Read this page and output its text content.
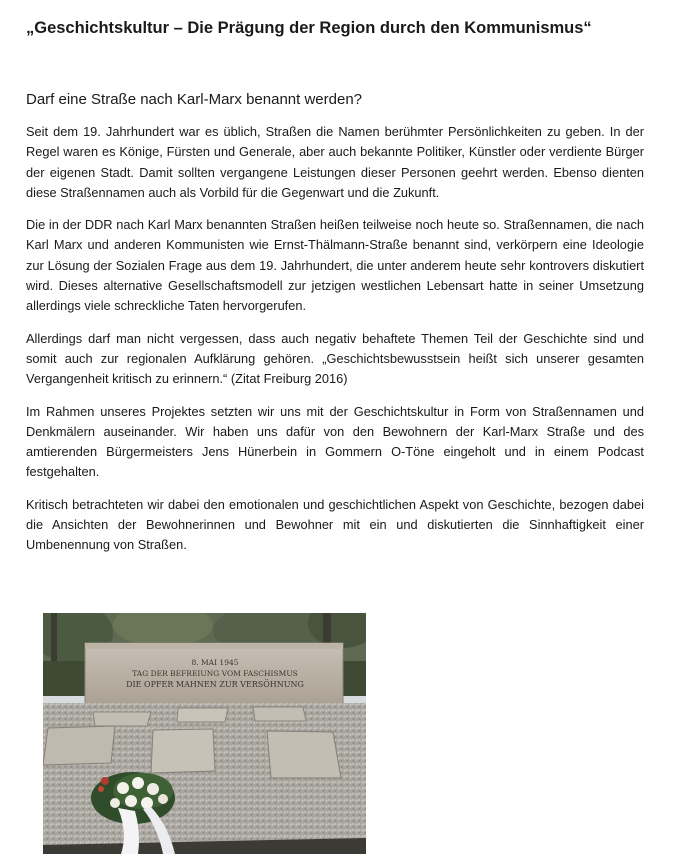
„Geschichtskultur – Die Prägung der Region durch den Kommunismus“
Darf eine Straße nach Karl-Marx benannt werden?

Seit dem 19. Jahrhundert war es üblich, Straßen die Namen berühmter Persönlichkeiten zu geben. In der Regel waren es Könige, Fürsten und Generale, aber auch bekannte Politiker, Künstler oder verdiente Bürger der eigenen Stadt. Damit sollten vergangene Leistungen dieser Personen geehrt werden. Ebenso dienten diese Straßennamen auch als Vorbild für die Gegenwart und die Zukunft.

Die in der DDR nach Karl Marx benannten Straßen heißen teilweise noch heute so. Straßennamen, die nach Karl Marx und anderen Kommunisten wie Ernst-Thälmann-Straße benannt sind, verkörpern eine Ideologie zur Lösung der Sozialen Frage aus dem 19. Jahrhundert, die unter anderem heute sehr kontrovers diskutiert wird. Dieses alternative Gesellschaftsmodell zur jetzigen westlichen Lebensart hatte in seiner Umsetzung allerdings viele schreckliche Taten hervorgerufen.

Allerdings darf man nicht vergessen, dass auch negativ behaftete Themen Teil der Geschichte sind und somit auch zur regionalen Aufklärung gehören. „Geschichtsbewusstsein heißt sich unserer gesamten Vergangenheit kritisch zu erinnern.“ (Zitat Freiburg 2016)

Im Rahmen unseres Projektes setzten wir uns mit der Geschichtskultur in Form von Straßennamen und Denkmälern auseinander. Wir haben uns dafür von den Bewohnern der Karl-Marx Straße und des amtierenden Bürgermeisters Jens Hünerbein in Gommern O-Töne eingeholt und in einem Podcast festgehalten.

Kritisch betrachteten wir dabei den emotionalen und geschichtlichen Aspekt von Geschichte, bezogen dabei die Ansichten der Bewohnerinnen und Bewohner mit ein und diskutierten die Sinnhaftigkeit einer Umbenennung von Straßen.

8. MAI 1945
TAG DER BEFREIUNG VOM FASCHISMUS
DIE OPFER MAHNEN ZUR VERSÖHNUNG
